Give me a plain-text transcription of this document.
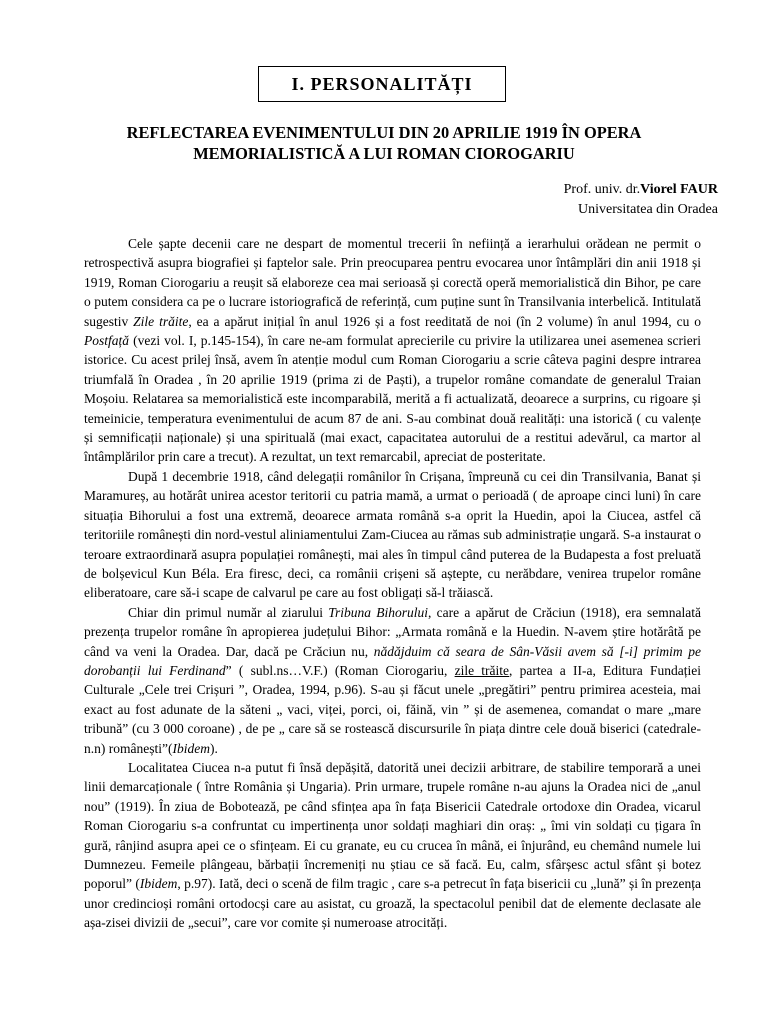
I. PERSONALITĂȚI
REFLECTAREA EVENIMENTULUI DIN 20 APRILIE 1919 ÎN OPERA
MEMORIALISTICĂ A LUI ROMAN CIOROGARIU
Prof. univ. dr.Viorel FAUR
Universitatea din Oradea

Cele șapte decenii care ne despart de momentul trecerii în neființă a ierarhului orădean ne permit o retrospectivă asupra biografiei și faptelor sale. Prin preocuparea pentru evocarea unor întâmplări din anii 1918 și 1919, Roman Ciorogariu a reușit să elaboreze cea mai serioasă și corectă operă memorialistică din Bihor, pe care o putem considera ca pe o lucrare istoriografică de referință, cum puține sunt în Transilvania interbelică. Intitulată sugestiv Zile trăite, ea a apărut inițial în anul 1926 și a fost reeditată de noi (în 2 volume) în anul 1994, cu o Postfață (vezi vol. I, p.145-154), în care ne-am formulat aprecierile cu privire la utilizarea unei asemenea scrieri istorice. Cu acest prilej însă, avem în atenție modul cum Roman Ciorogariu a scrie câteva pagini despre intrarea triumfală în Oradea , în 20 aprilie 1919 (prima zi de Paști), a trupelor române comandate de generalul Traian Moșoiu. Relatarea sa memorialistică este incomparabilă, merită a fi actualizată, deoarece a surprins, cu rigoare și temeinicie, temperatura evenimentului de acum 87 de ani. S-au combinat două realități: una istorică ( cu valențe și semnificații naționale) și una spirituală (mai exact, capacitatea autorului de a restitui adevărul, ca martor al întâmplărilor prin care a trecut). A rezultat, un text remarcabil, apreciat de posteritate.

După 1 decembrie 1918, când delegații românilor în Crișana, împreună cu cei din Transilvania, Banat și Maramureș, au hotărât unirea acestor teritorii cu patria mamă, a urmat o perioadă ( de aproape cinci luni) în care situația Bihorului a fost una extremă, deoarece armata română s-a oprit la Huedin, apoi la Ciucea, astfel că teritoriile românești din nord-vestul aliniamentului Zam-Ciucea au rămas sub administrație ungară. S-a instaurat o teroare extraordinară asupra populației românești, mai ales în timpul când puterea de la Budapesta a fost preluată de bolșevicul Kun Béla. Era firesc, deci, ca românii crișeni să aștepte, cu nerăbdare, venirea trupelor române eliberatoare, care să-i scape de calvarul pe care au fost obligați să-l trăiască.

Chiar din primul număr al ziarului Tribuna Bihorului, care a apărut de Crăciun (1918), era semnalată prezența trupelor române în apropierea județului Bihor: „Armata română e la Huedin. N-avem știre hotărâtă pe când va veni la Oradea. Dar, dacă pe Crăciun nu, nădăjduim că seara de Sân-Văsii avem să [-i] primim pe dorobanții lui Ferdinand” ( subl.ns…V.F.) (Roman Ciorogariu, zile trăite, partea a II-a, Editura Fundației Culturale „Cele trei Crișuri ”, Oradea, 1994, p.96). S-au și făcut unele „pregătiri” pentru primirea acesteia, mai exact au fost adunate de la săteni „ vaci, viței, porci, oi, făină, vin ” și de asemenea, comandat o mare „mare tribună” (cu 3 000 coroane) , de pe „ care să se rostească discursurile în piața dintre cele două biserici (catedrale-n.n) românești”(Ibidem).

Localitatea Ciucea n-a putut fi însă depășită, datorită unei decizii arbitrare, de stabilire temporară a unei linii demarcaționale ( între România și Ungaria). Prin urmare, trupele române n-au ajuns la Oradea nici de „anul nou” (1919). În ziua de Bobotează, pe când sfințea apa în fața Bisericii Catedrale ortodoxe din Oradea, vicarul Roman Ciorogariu s-a confruntat cu impertinența unor soldați maghiari din oraș: „ îmi vin soldați cu țigara în gură, rânjind asupra apei ce o sfințeam. Ei cu granate, eu cu crucea în mână, ei înjurând, eu chemând numele lui Dumnezeu. Femeile plângeau, bărbații încremeniți nu știau ce să facă. Eu, calm, sfârșesc actul sfânt și botez poporul” (Ibidem, p.97). Iată, deci o scenă de film tragic , care s-a petrecut în fața bisericii cu „lună” și în prezența unor credincioși români ortodocși care au asistat, cu groază, la spectacolul penibil dat de elemente declasate ale așa-zisei divizii de „secui”, care vor comite și numeroase atrocități.
